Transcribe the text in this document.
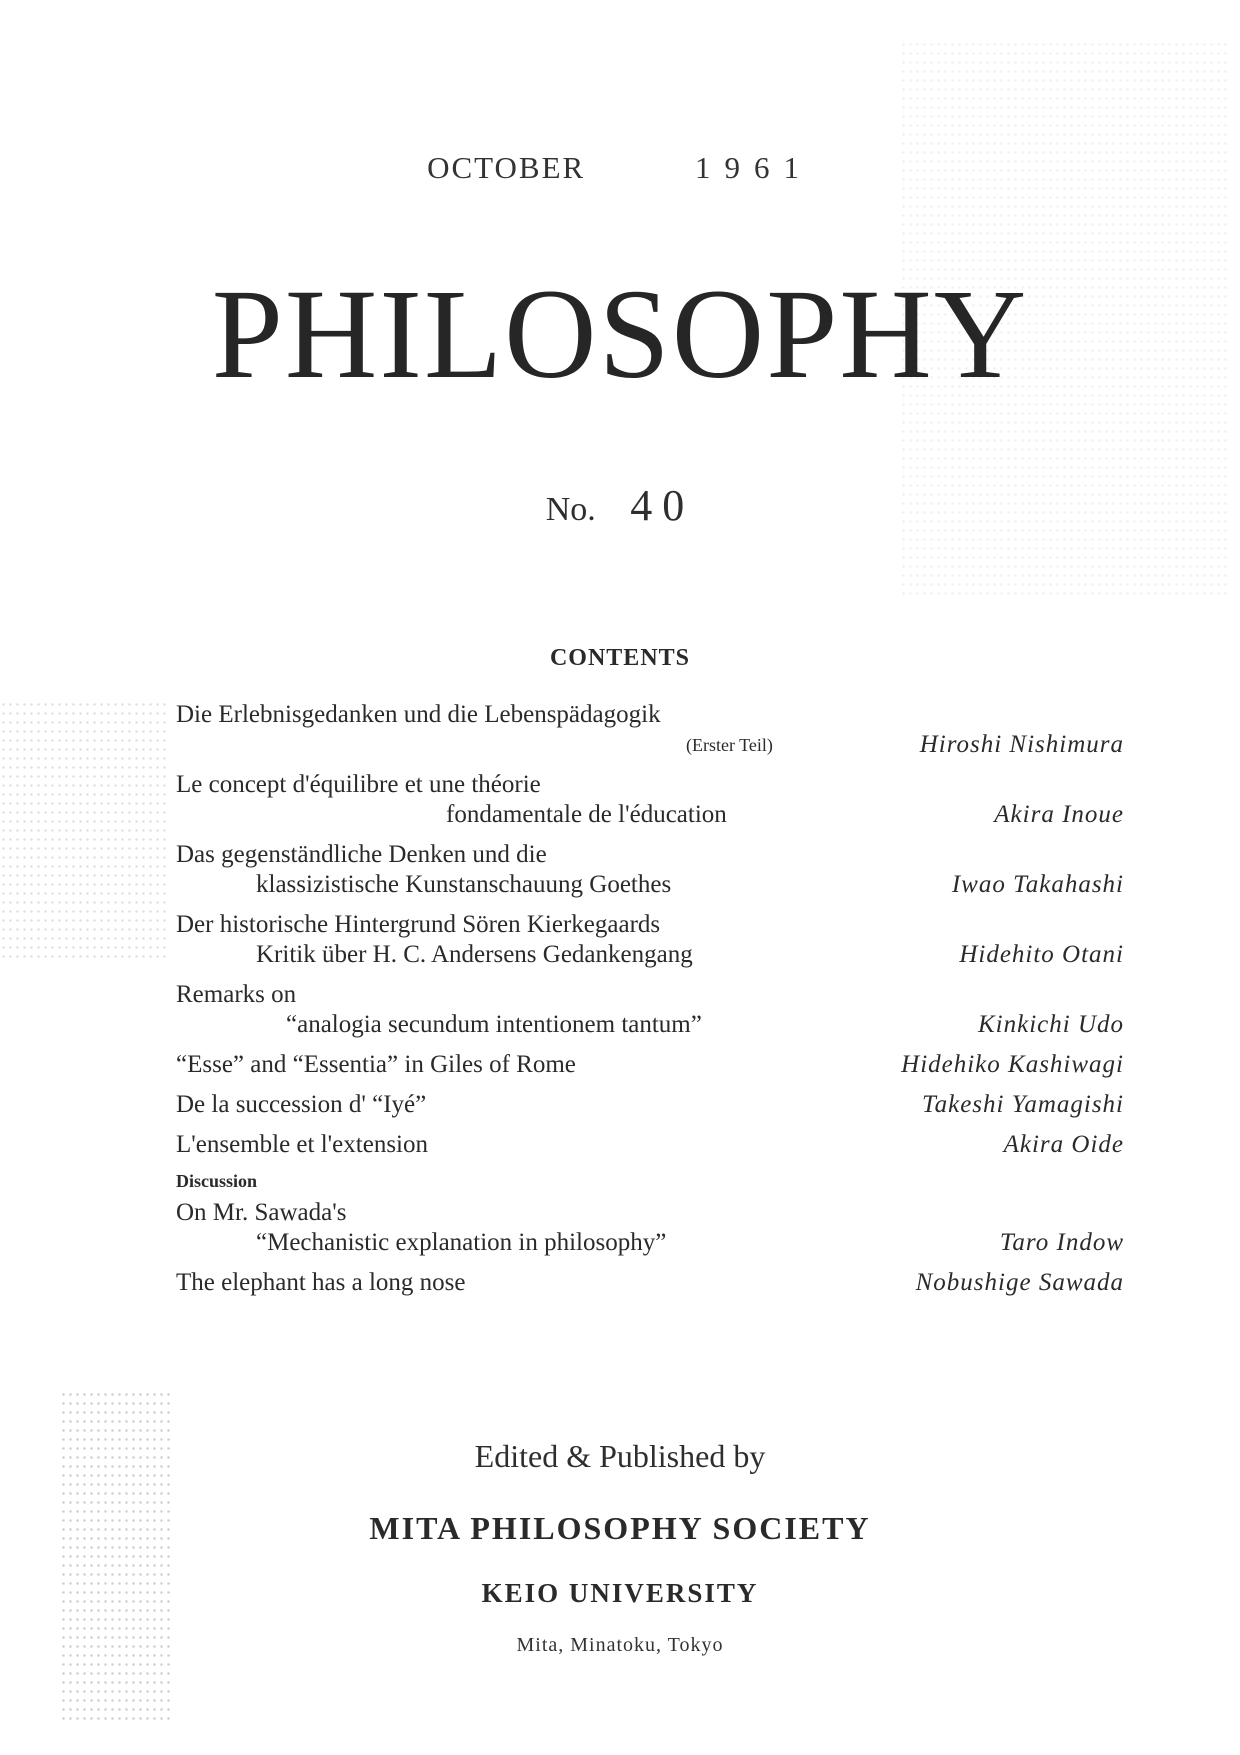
OCTOBER	1961
PHILOSOPHY
No. 40
CONTENTS
Die Erlebnisgedanken und die Lebenspädagogik
(Erster Teil)	Hiroshi Nishimura
Le concept d'équilibre et une théorie
fondamentale de l'éducation	Akira Inoue
Das gegenständliche Denken und die
klassizistische Kunstanschauung Goethes	Iwao Takahashi
Der historische Hintergrund Sören Kierkegaards
Kritik über H. C. Andersens Gedankengang	Hidehito Otani
Remarks on
“analogia secundum intentionem tantum”	Kinkichi Udo
“Esse” and “Essentia” in Giles of Rome	Hidehiko Kashiwagi
De la succession d' “Iyé”	Takeshi Yamagishi
L'ensemble et l'extension	Akira Oide
Discussion
On Mr. Sawada's
“Mechanistic explanation in philosophy”	Taro Indow
The elephant has a long nose	Nobushige Sawada
Edited & Published by
MITA PHILOSOPHY SOCIETY
KEIO UNIVERSITY
Mita, Minatoku, Tokyo
